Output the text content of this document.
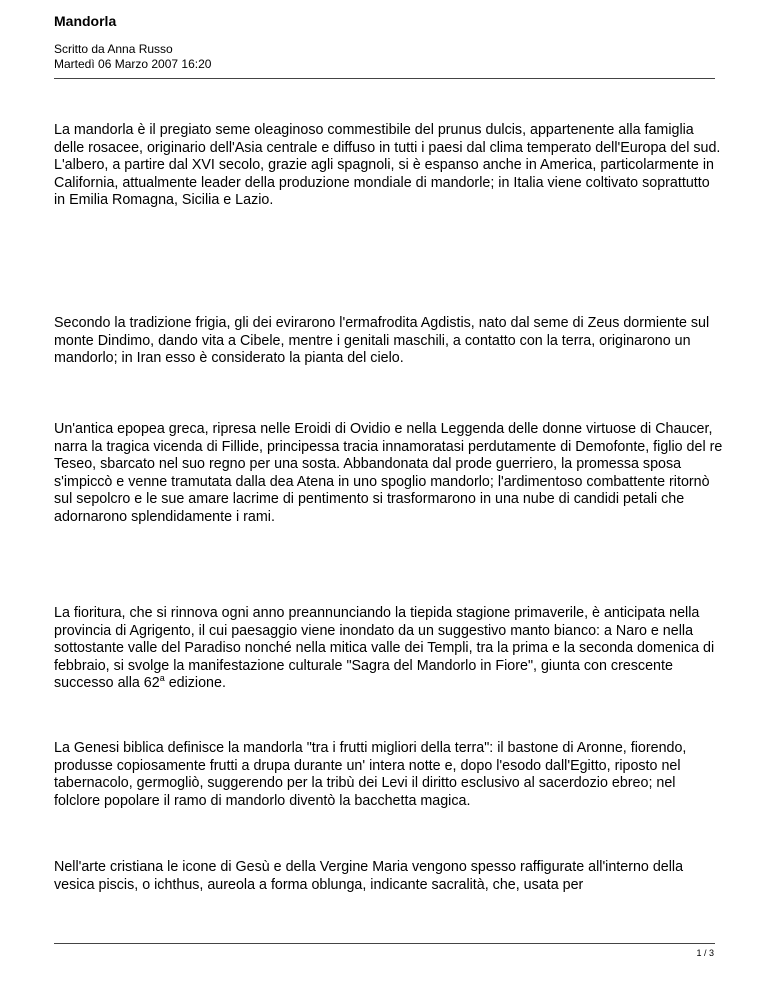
Mandorla
Scritto da Anna Russo
Martedì 06 Marzo 2007 16:20

La mandorla è il pregiato seme oleaginoso commestibile del prunus dulcis, appartenente alla famiglia delle rosacee, originario dell'Asia centrale e diffuso in tutti i paesi dal clima temperato dell'Europa del sud. L'albero, a partire dal XVI secolo, grazie agli spagnoli, si è espanso anche in America, particolarmente in California, attualmente leader della produzione mondiale di mandorle; in Italia viene coltivato soprattutto in Emilia Romagna, Sicilia e Lazio.

Secondo la tradizione frigia, gli dei evirarono l'ermafrodita Agdistis, nato dal seme di Zeus dormiente sul monte Dindimo, dando vita a Cibele, mentre i genitali maschili, a contatto con la terra, originarono un mandorlo; in Iran esso è considerato la pianta del cielo.

Un'antica epopea greca, ripresa nelle Eroidi di Ovidio e nella Leggenda delle donne virtuose di Chaucer, narra la tragica vicenda di Fillide, principessa tracia innamoratasi perdutamente di Demofonte, figlio del re Teseo, sbarcato nel suo regno per una sosta. Abbandonata dal prode guerriero, la promessa sposa s'impiccò e venne tramutata dalla dea Atena in uno spoglio mandorlo; l'ardimentoso combattente ritornò sul sepolcro e le sue amare lacrime di pentimento si trasformarono in una nube di candidi petali che adornarono splendidamente i rami.

La fioritura, che si rinnova ogni anno preannunciando la tiepida stagione primaverile, è anticipata nella provincia di Agrigento, il cui paesaggio viene inondato da un suggestivo manto bianco: a Naro e nella sottostante valle del Paradiso nonché nella mitica valle dei Templi, tra la prima e la seconda domenica di febbraio, si svolge la manifestazione culturale "Sagra del Mandorlo in Fiore", giunta con crescente successo alla 62$^a$ edizione.

La Genesi biblica definisce la mandorla "tra i frutti migliori della terra": il bastone di Aronne, fiorendo, produsse copiosamente frutti a drupa durante un' intera notte e, dopo l'esodo dall'Egitto, riposto nel tabernacolo, germogliò, suggerendo per la tribù dei Levi il diritto esclusivo al sacerdozio ebreo; nel folclore popolare il ramo di mandorlo diventò la bacchetta magica.

Nell'arte cristiana le icone di Gesù e della Vergine Maria vengono spesso raffigurate all'interno della vesica piscis, o ichthus, aureola a forma oblunga, indicante sacralità, che, usata per

1 / 3
